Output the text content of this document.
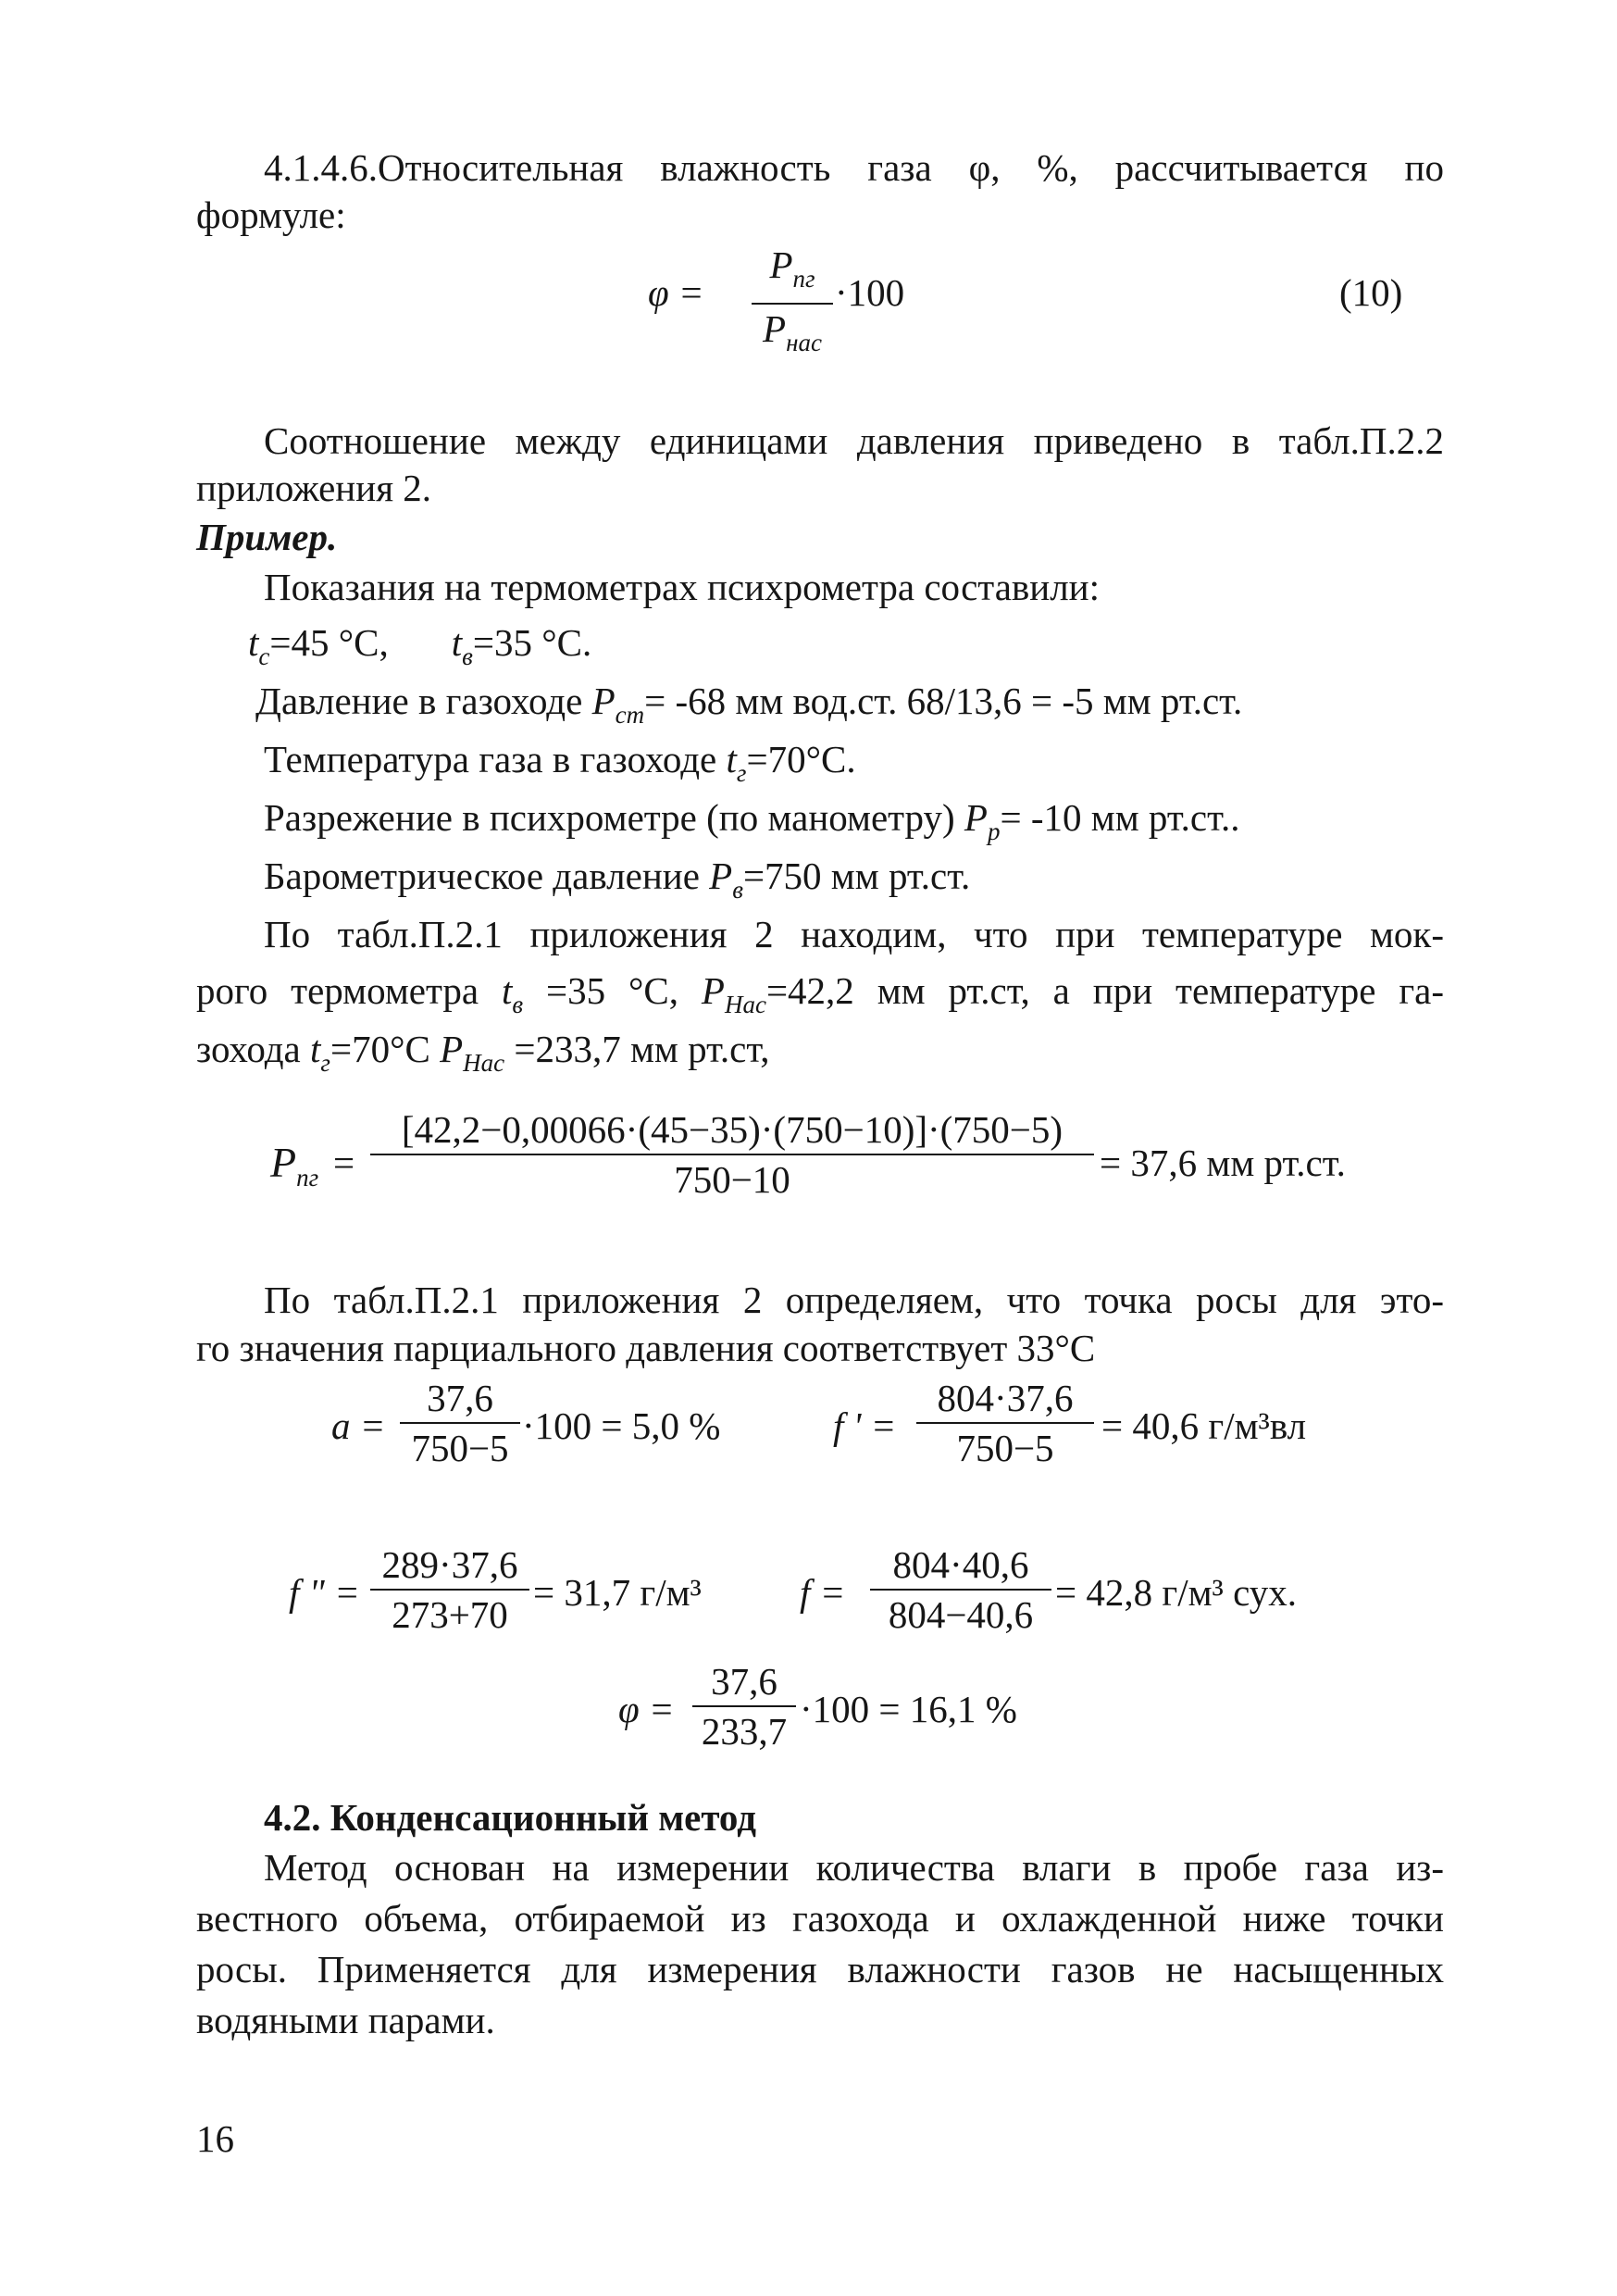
4.1.4.6.Относительная влажность газа φ, %, рассчитывается по
формуле:
φ =
$P_{пг}$
$P_{нас}$
·100	(10)
Соотношение между единицами давления приведено в табл.П.2.2
приложения 2.
Пример.
Показания на термометрах психрометра составили:
$t_c=45$ °C, $t_в=35$ °C.
Давление в газоходе $P_{ст}= -68$ мм вод.ст. 68/13,6 = -5 мм рт.ст.
Температура газа в газоходе $t_г=70^\circ C$.
Разрежение в психрометре (по манометру) $P_р= -10$ мм рт.ст..
Барометрическое давление $P_в=750$ мм рт.ст.
По табл.П.2.1 приложения 2 находим, что при температуре мок-
рого термометра $t_в =35$ °C, $P_{Нас}=42,2$ мм рт.ст, а при температуре га-
зохода $t_г=70^\circ C$ $P_{Нас} =233,7$ мм рт.ст,
$P_{пг}$ =
[42,2−0,00066·(45−35)·(750−10)]·(750−5)
750−10	= 37,6 мм рт.ст.
По табл.П.2.1 приложения 2 определяем, что точка росы для это-
го значения парциального давления соответствует 33°C
a =
37,6
750−5
·100 = 5,0 %	f ' =
804·37,6
750−5
= 40,6 г/м³вл
f " =
289·37,6
273+70
= 31,7 г/м³	f =
804·40,6
804−40,6
= 42,8 г/м³ сух.
φ =
37,6
233,7
·100 = 16,1 %
4.2. Конденсационный метод
Метод основан на измерении количества влаги в пробе газа из-
вестного объема, отбираемой из газохода и охлажденной ниже точки
росы. Применяется для измерения влажности газов не насыщенных
водяными парами.
16
